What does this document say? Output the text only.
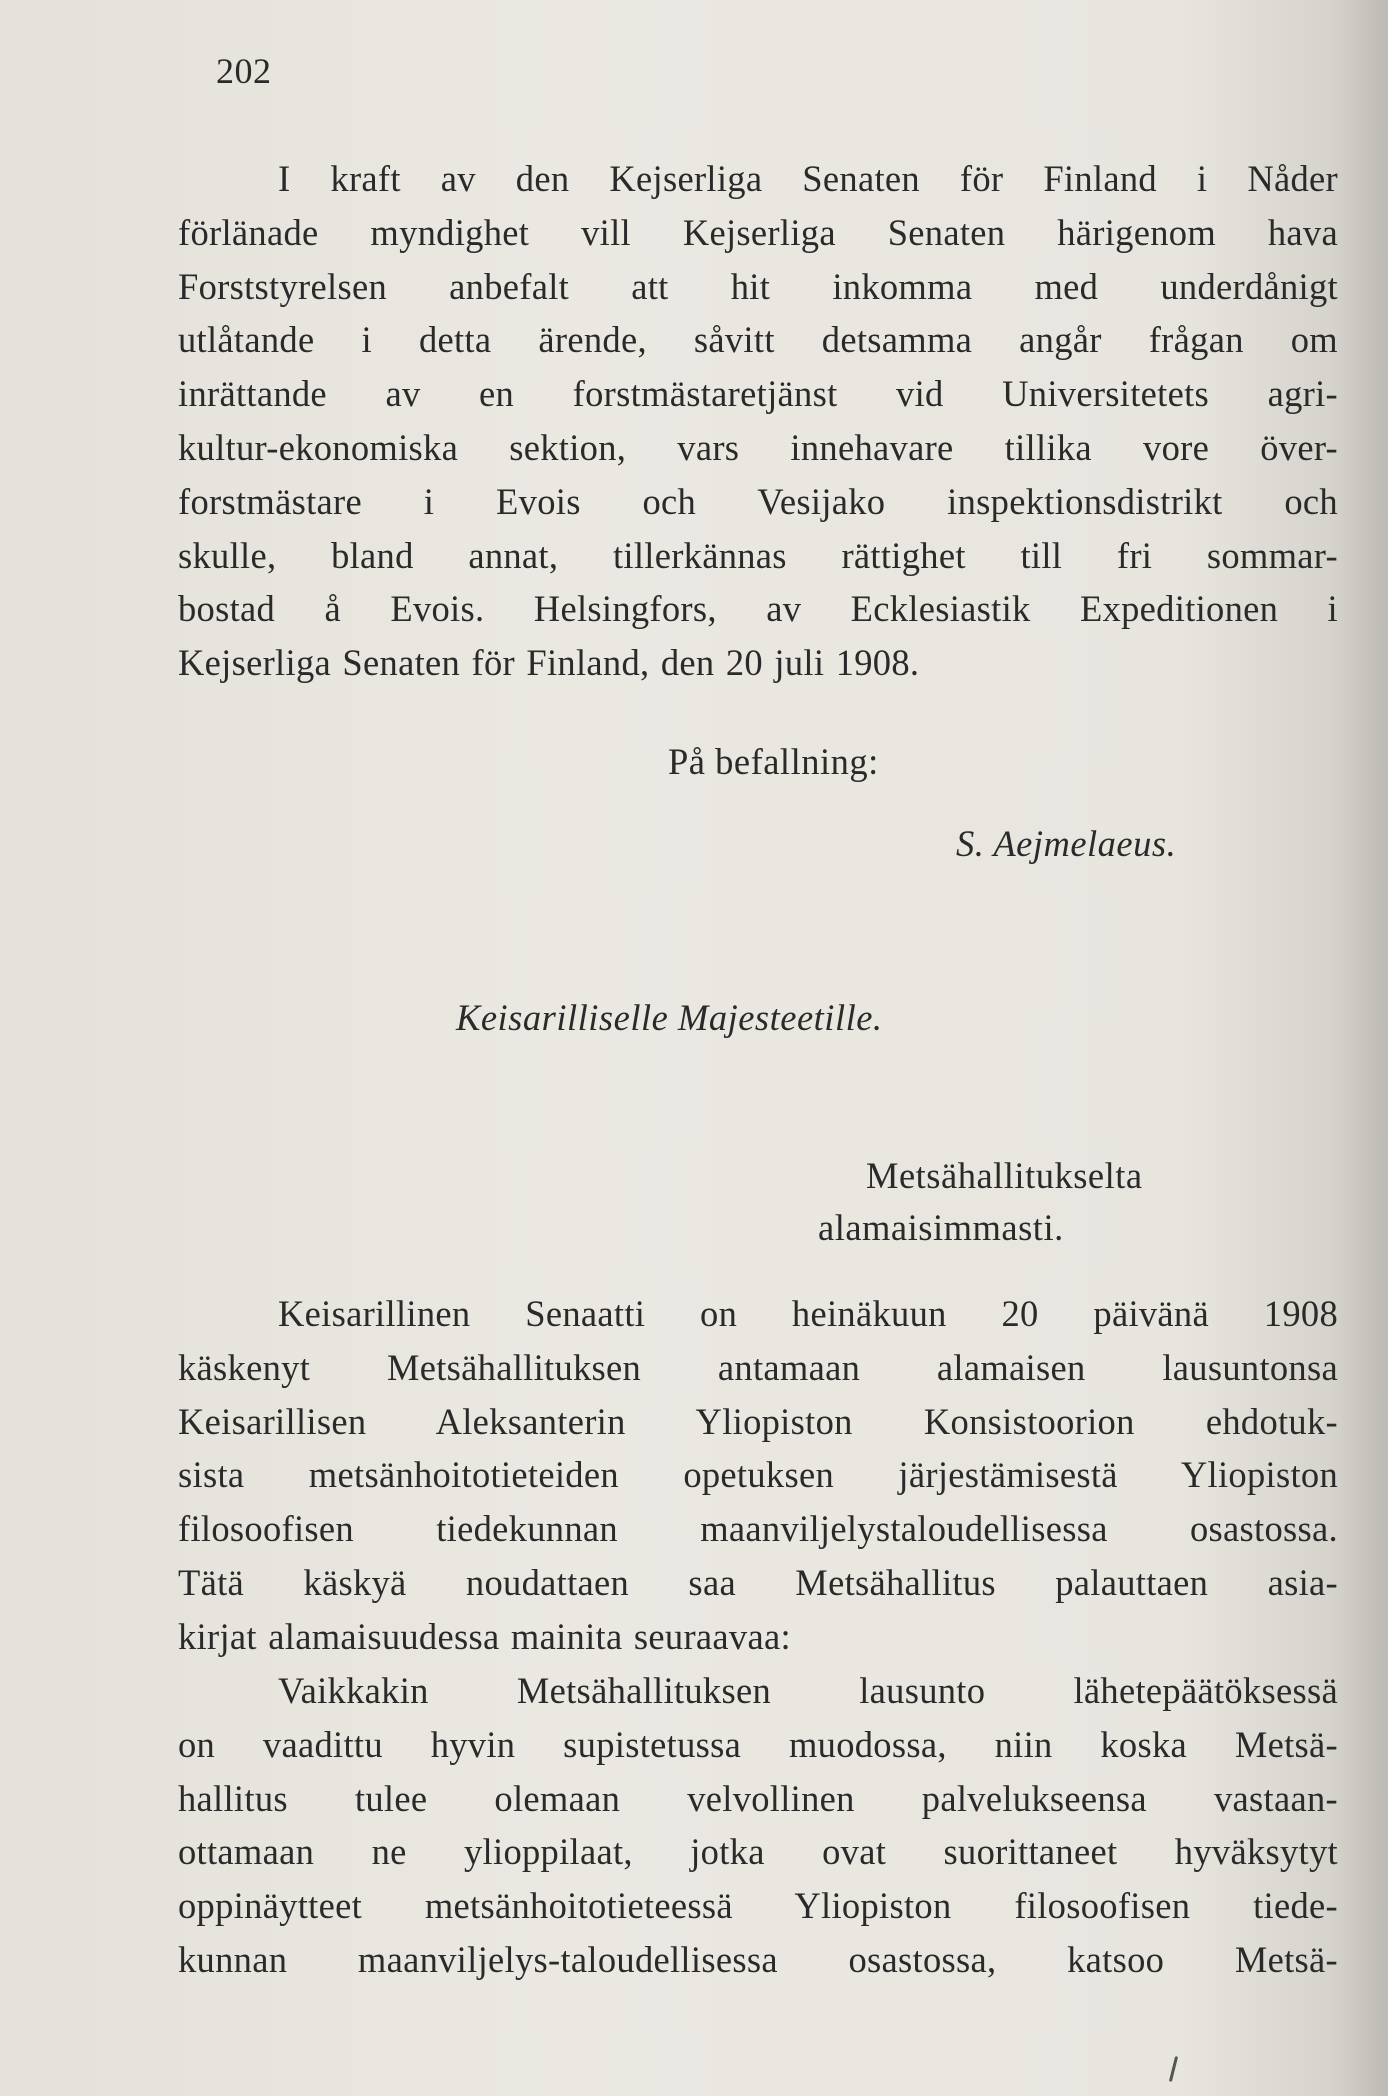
202
I kraft av den Kejserliga Senaten för Finland i Nåder
förlänade myndighet vill Kejserliga Senaten härigenom hava
Forststyrelsen anbefalt att hit inkomma med underdånigt
utlåtande i detta ärende, såvitt detsamma angår frågan om
inrättande av en forstmästaretjänst vid Universitetets agri-
kultur-ekonomiska sektion, vars innehavare tillika vore över-
forstmästare i Evois och Vesijako inspektionsdistrikt och
skulle, bland annat, tillerkännas rättighet till fri sommar-
bostad å Evois. Helsingfors, av Ecklesiastik Expeditionen i
Kejserliga Senaten för Finland, den 20 juli 1908.
På befallning:
S. Aejmelaeus.
Keisarilliselle Majesteetille.
Metsähallitukselta
alamaisimmasti.
Keisarillinen Senaatti on heinäkuun 20 päivänä 1908
käskenyt Metsähallituksen antamaan alamaisen lausuntonsa
Keisarillisen Aleksanterin Yliopiston Konsistoorion ehdotuk-
sista metsänhoitotieteiden opetuksen järjestämisestä Yliopiston
filosoofisen tiedekunnan maanviljelystaloudellisessa osastossa.
Tätä käskyä noudattaen saa Metsähallitus palauttaen asia-
kirjat alamaisuudessa mainita seuraavaa:
Vaikkakin Metsähallituksen lausunto lähetepäätöksessä
on vaadittu hyvin supistetussa muodossa, niin koska Metsä-
hallitus tulee olemaan velvollinen palvelukseensa vastaan-
ottamaan ne ylioppilaat, jotka ovat suorittaneet hyväksytyt
oppinäytteet metsänhoitotieteessä Yliopiston filosoofisen tiede-
kunnan maanviljelys-taloudellisessa osastossa, katsoo Metsä-
